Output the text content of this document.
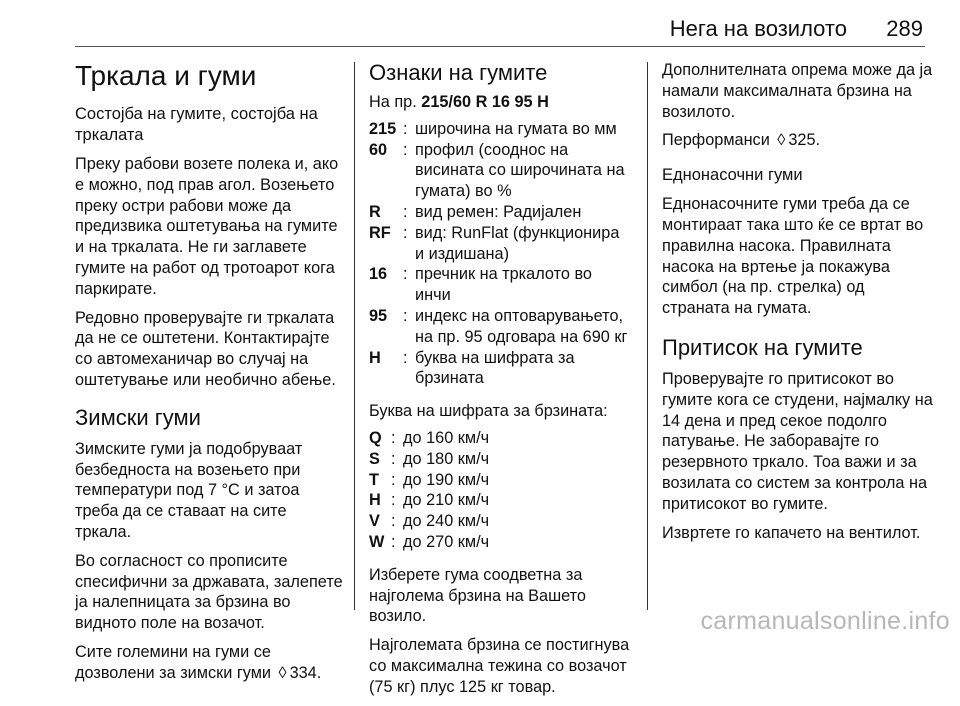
Нега на возилото 289
Тркала и гуми
Состојба на гумите, состојба на тркалата

Преку рабови возете полека и, ако е можно, под прав агол. Возењето преку остри рабови може да предизвика оштетувања на гумите и на тркалата. Не ги заглавете гумите на работ од тротоарот кога паркирате.

Редовно проверувајте ги тркалата да не се оштетени. Контактирајте со автомеханичар во случај на оштетување или необично абење.

Зимски гуми

Зимските гуми ја подобруваат безбедноста на возењето при температури под 7 °C и затоа треба да се ставаат на сите тркала.

Во согласност со прописите спесифични за државата, залепете ја налепницата за брзина во видното поле на возачот.

Сите големини на гуми се дозволени за зимски гуми ◊ 334.

Ознаки на гумите

На пр. 215/60 R 16 95 H

215 : широчина на гумата во мм
60 : профил (соодноc на висината со широчината на гумата) во %
R	: вид ремен: Радијален
RF : вид: RunFlat (функционира и издишана)
16 : пречник на тркалото во инчи
95 : индекс на оптоварувањето, на пр. 95 одговара на 690 кг
H	: буква на шифрата за брзината

Буква на шифрата за брзината:

Q : до 160 км/ч
S : до 180 км/ч
T : до 190 км/ч
H : до 210 км/ч
V : до 240 км/ч
W : до 270 км/ч

Изберете гума соодветна за најголема брзина на Вашето возило.

Најголемата брзина се постигнува со максимална тежина со возачот (75 кг) плус 125 кг товар.

Дополнителната опрема може да ја намали максималната брзина на возилото.

Перформанси ◊ 325.

Еднонасочни гуми

Еднонасочните гуми треба да се монтираат така што ќе се вртат во правилна насока. Правилната насока на вртење ја покажува симбол (на пр. стрелка) од страната на гумата.

Притисок на гумите

Проверувајте го притисокот во гумите кога се студени, најмалку на 14 дена и пред секое подолго патување. Не заборавајте го резервното тркало. Тоа важи и за возилата со систем за контрола на притисокот во гумите.

Извртете го капачето на вентилот.

carmanualsonline.info
